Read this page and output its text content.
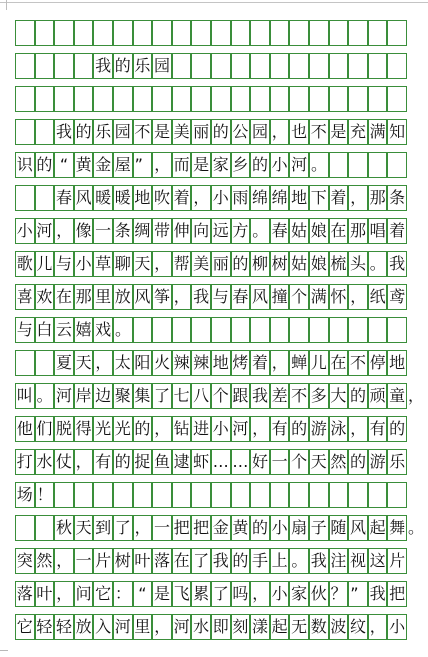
我 的 乐 园
我 的 乐 园 不 是 美 丽 的 公 园 ， 也 不 是 充 满 知
识 的 “ 黄 金 屋 ” ， 而 是 家 乡 的 小 河 。
春 风 暖 暖 地 吹 着 ， 小 雨 绵 绵 地 下 着 ， 那 条
小 河 ， 像 一 条 绸 带 伸 向 远 方 。 春 姑 娘 在 那 唱 着
歌 儿 与 小 草 聊 天 ， 帮 美 丽 的 柳 树 姑 娘 梳 头 。 我
喜 欢 在 那 里 放 风 筝 ， 我 与 春 风 撞 个 满 怀 ， 纸 鸢
与 白 云 嬉 戏 。
夏 天 ， 太 阳 火 辣 辣 地 烤 着 ， 蝉 儿 在 不 停 地
叫 。 河 岸 边 聚 集 了 七 八 个 跟 我 差 不 多 大 的 顽 童 ，
他 们 脱 得 光 光 的 ， 钻 进 小 河 ， 有 的 游 泳 ， 有 的
打 水 仗 ， 有 的 捉 鱼 逮 虾 … … 好 一 个 天 然 的 游 乐
场 ！
秋 天 到 了 ， 一 把 把 金 黄 的 小 扇 子 随 风 起 舞 。
突 然 ， 一 片 树 叶 落 在 了 我 的 手 上 。 我 注 视 这 片
落 叶 ， 问 它 ： “ 是 飞 累 了 吗 ， 小 家 伙 ？ ” 我 把
它 轻 轻 放 入 河 里 ， 河 水 即 刻 漾 起 无 数 波 纹 ， 小
